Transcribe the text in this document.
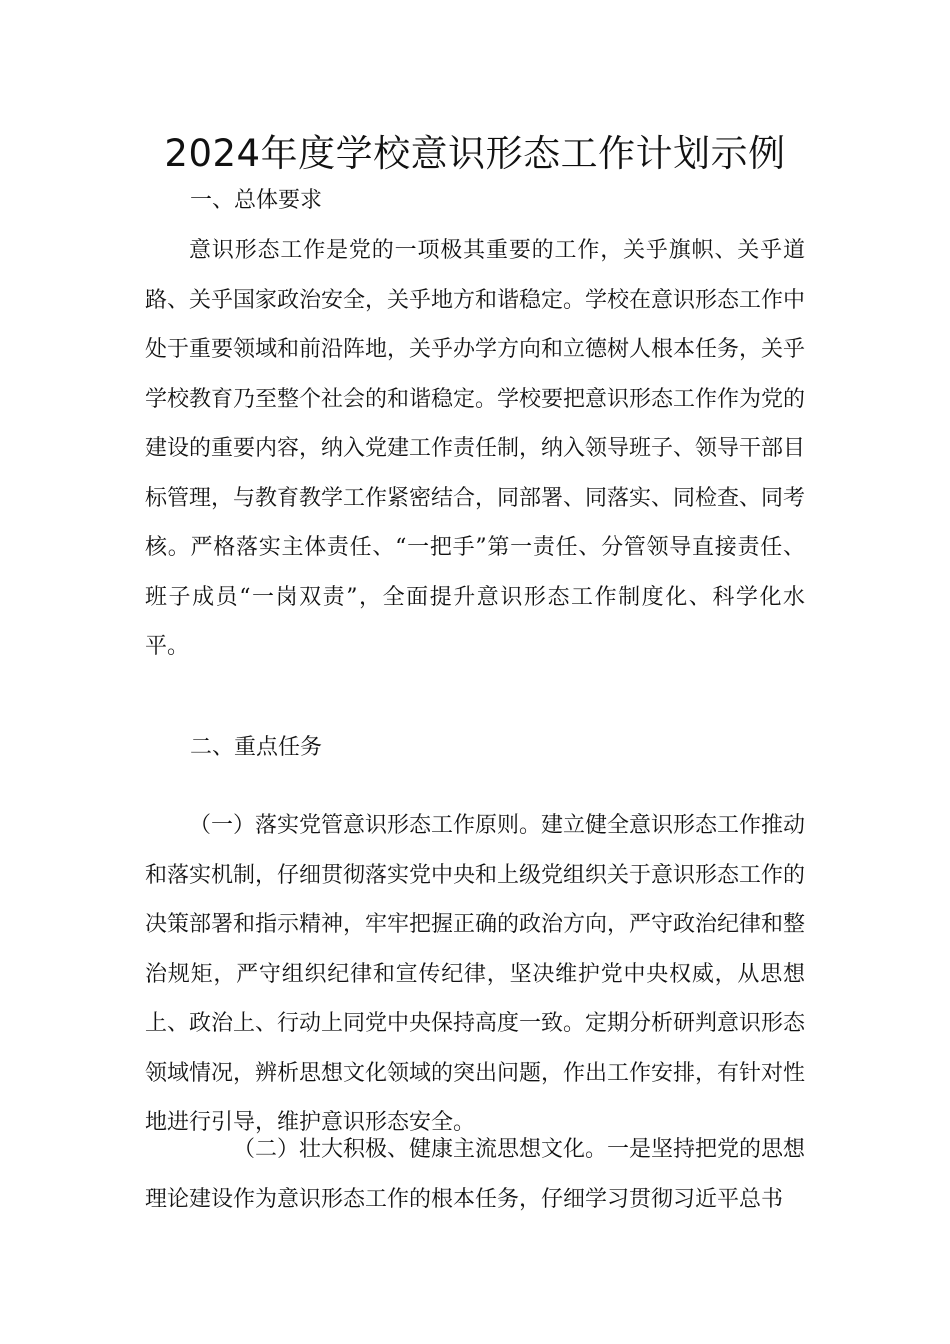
2024年度学校意识形态工作计划示例
一、总体要求

意识形态工作是党的一项极其重要的工作，关乎旗帜、关乎道路、关乎国家政治安全，关乎地方和谐稳定。学校在意识形态工作中处于重要领域和前沿阵地，关乎办学方向和立德树人根本任务，关乎学校教育乃至整个社会的和谐稳定。学校要把意识形态工作作为党的建设的重要内容，纳入党建工作责任制，纳入领导班子、领导干部目标管理，与教育教学工作紧密结合，同部署、同落实、同检查、同考核。严格落实主体责任、“一把手”第一责任、分管领导直接责任、班子成员“一岗双责”，全面提升意识形态工作制度化、科学化水平。

二、重点任务

（一）落实党管意识形态工作原则。建立健全意识形态工作推动和落实机制，仔细贯彻落实党中央和上级党组织关于意识形态工作的决策部署和指示精神，牢牢把握正确的政治方向，严守政治纪律和整治规矩，严守组织纪律和宣传纪律，坚决维护党中央权威，从思想上、政治上、行动上同党中央保持高度一致。定期分析研判意识形态领域情况，辨析思想文化领域的突出问题，作出工作安排，有针对性地进行引导，维护意识形态安全。

（二）壮大积极、健康主流思想文化。一是坚持把党的思想理论建设作为意识形态工作的根本任务，仔细学习贯彻习近平总书
